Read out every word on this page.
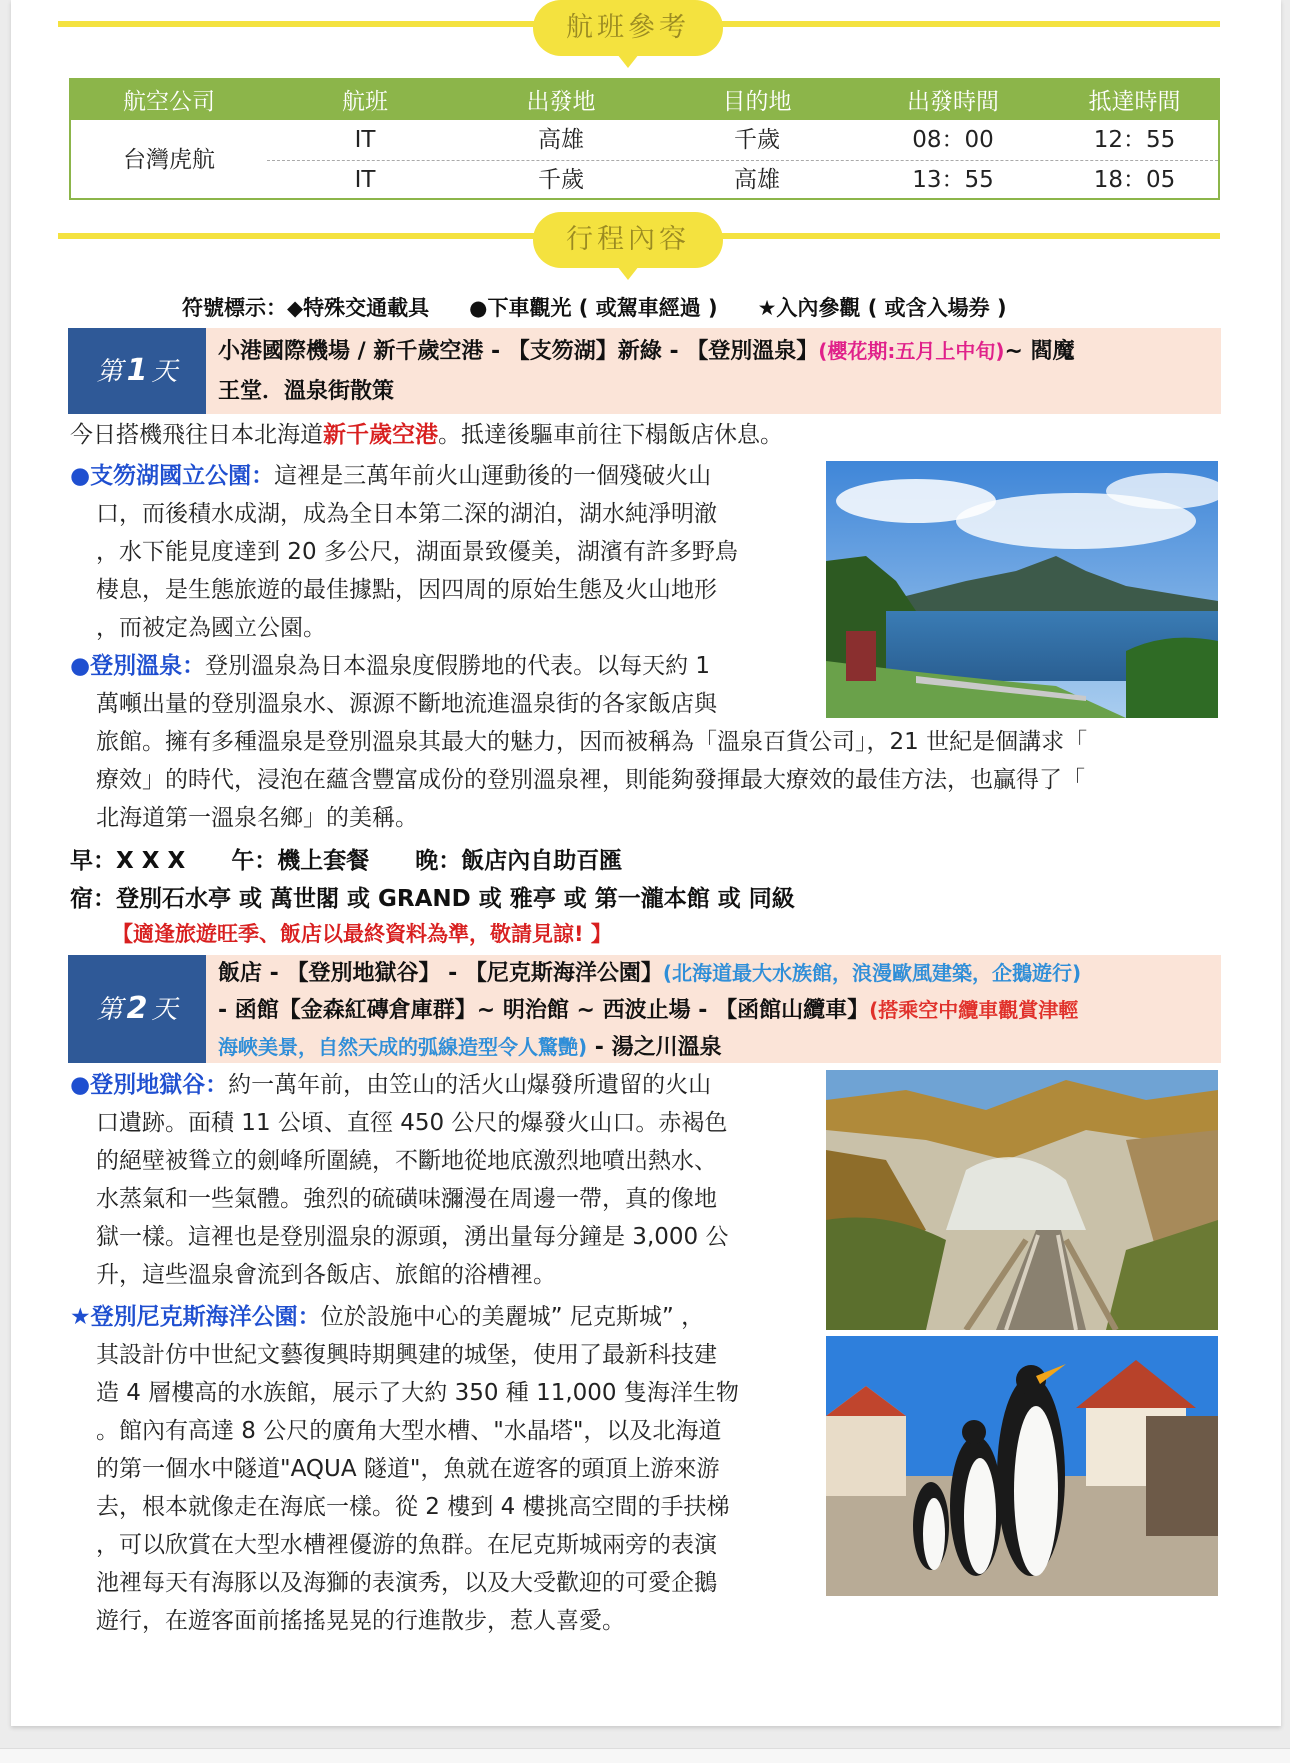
航班參考
航空公司	航班	出發地	目的地	出發時間	抵達時間
台灣虎航
IT	高雄	千歲	08：00	12：55
IT	千歲	高雄	13：55	18：05
行程內容
符號標示：◆特殊交通載具 ●下車觀光 ( 或駕車經過 ) ★入內參觀 ( 或含入場券 )
第 1 天
小港國際機場 / 新千歲空港 - 【支笏湖】新綠 - 【登別溫泉】(櫻花期:五月上中旬)~ 閻魔
王堂．溫泉街散策
今日搭機飛往日本北海道新千歲空港。抵達後驅車前往下榻飯店休息。
●支笏湖國立公園：這裡是三萬年前火山運動後的一個殘破火山
口，而後積水成湖，成為全日本第二深的湖泊，湖水純淨明澈
，水下能見度達到 20 多公尺，湖面景致優美，湖濱有許多野鳥
棲息，是生態旅遊的最佳據點，因四周的原始生態及火山地形
，而被定為國立公園。
●登別溫泉：登別溫泉為日本溫泉度假勝地的代表。以每天約 1
萬噸出量的登別溫泉水、源源不斷地流進溫泉街的各家飯店與
旅館。擁有多種溫泉是登別溫泉其最大的魅力，因而被稱為「溫泉百貨公司」，21 世紀是個講求「
療效」的時代，浸泡在蘊含豐富成份的登別溫泉裡，則能夠發揮最大療效的最佳方法，也贏得了「
北海道第一溫泉名鄉」的美稱。
早：X X X　　午：機上套餐　　晚：飯店內自助百匯
宿：登別石水亭 或 萬世閣 或 GRAND 或 雅亭 或 第一瀧本館 或 同級
【適逢旅遊旺季、飯店以最終資料為準，敬請見諒! 】
第 2 天
飯店 - 【登別地獄谷】 - 【尼克斯海洋公園】(北海道最大水族館，浪漫歐風建築，企鵝遊行)
- 函館【金森紅磚倉庫群】~ 明治館 ~ 西波止場 - 【函館山纜車】(搭乘空中纜車觀賞津輕
海峽美景，自然天成的弧線造型令人驚艷) - 湯之川溫泉
●登別地獄谷：約一萬年前，由笠山的活火山爆發所遺留的火山
口遺跡。面積 11 公頃、直徑 450 公尺的爆發火山口。赤褐色
的絕壁被聳立的劍峰所圍繞，不斷地從地底激烈地噴出熱水、
水蒸氣和一些氣體。強烈的硫磺味瀰漫在周邊一帶，真的像地
獄一樣。這裡也是登別溫泉的源頭，湧出量每分鐘是 3,000 公
升，這些溫泉會流到各飯店、旅館的浴槽裡。
★登別尼克斯海洋公園：位於設施中心的美麗城” 尼克斯城” ，
其設計仿中世紀文藝復興時期興建的城堡，使用了最新科技建
造 4 層樓高的水族館，展示了大約 350 種 11,000 隻海洋生物
。館內有高達 8 公尺的廣角大型水槽、"水晶塔"，以及北海道
的第一個水中隧道"AQUA 隧道"，魚就在遊客的頭頂上游來游
去，根本就像走在海底一樣。從 2 樓到 4 樓挑高空間的手扶梯
，可以欣賞在大型水槽裡優游的魚群。在尼克斯城兩旁的表演
池裡每天有海豚以及海獅的表演秀，以及大受歡迎的可愛企鵝
遊行，在遊客面前搖搖晃晃的行進散步，惹人喜愛。
